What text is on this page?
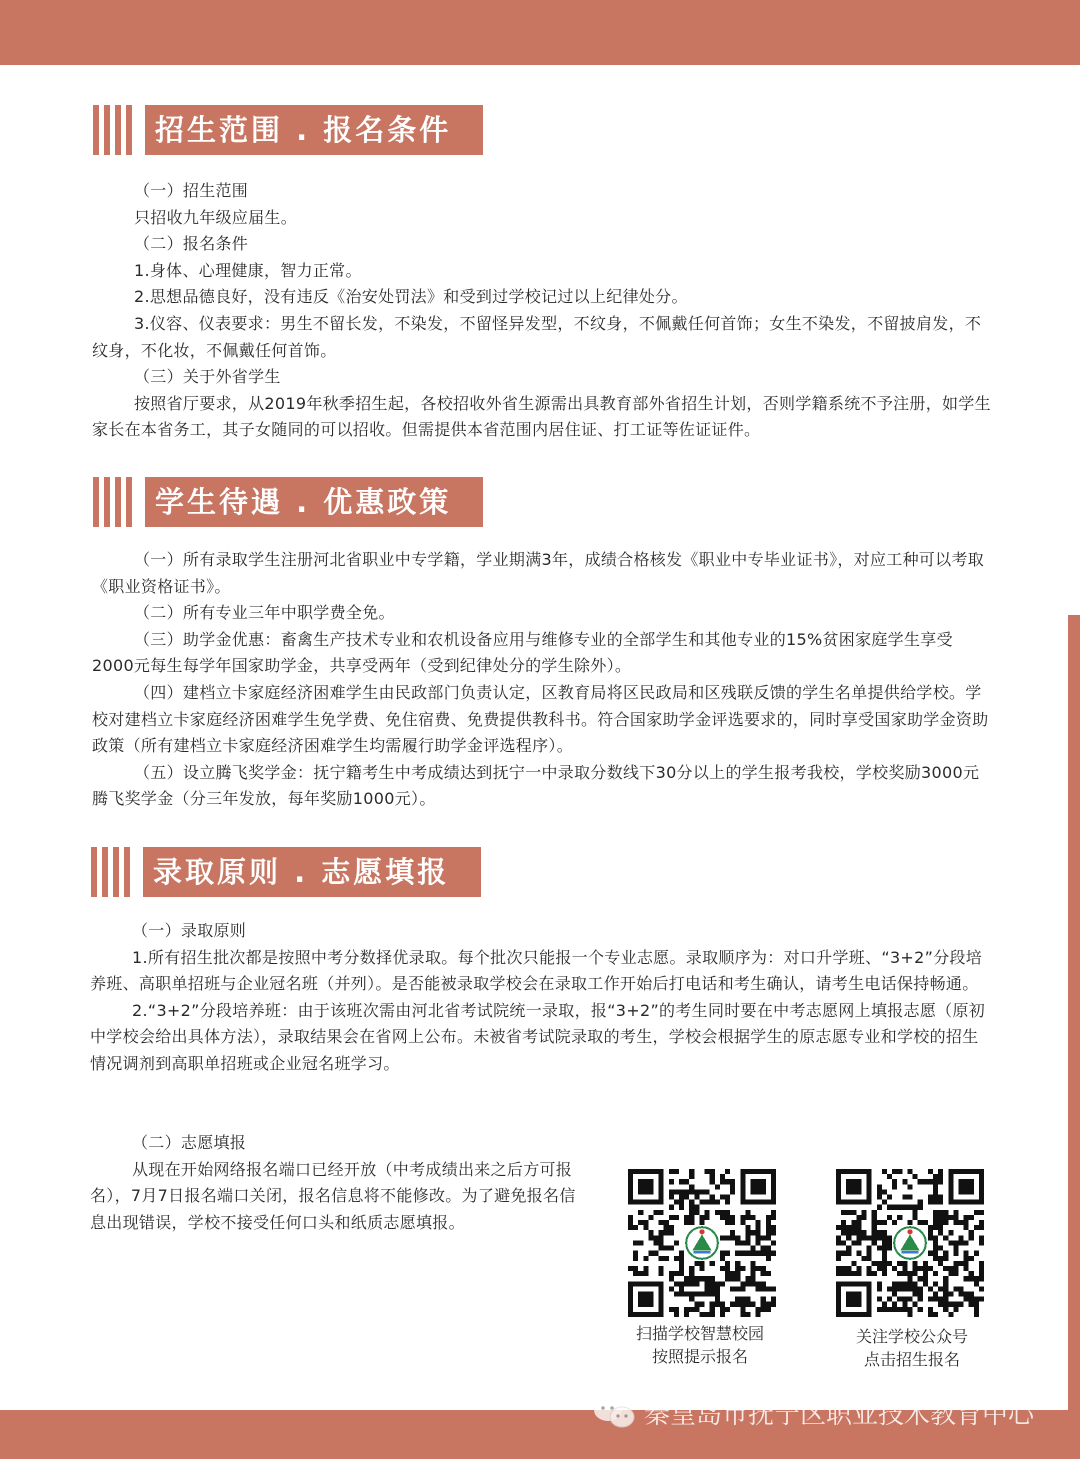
招生范围 . 报名条件

（一）招生范围

只招收九年级应届生。

（二）报名条件

1.身体、心理健康，智力正常。

2.思想品德良好，没有违反《治安处罚法》和受到过学校记过以上纪律处分。

3.仪容、仪表要求：男生不留长发，不染发，不留怪异发型，不纹身，不佩戴任何首饰；女生不染发，不留披肩发，不纹身，不化妆，不佩戴任何首饰。

（三）关于外省学生

按照省厅要求，从2019年秋季招生起，各校招收外省生源需出具教育部外省招生计划，否则学籍系统不予注册，如学生家长在本省务工，其子女随同的可以招收。但需提供本省范围内居住证、打工证等佐证证件。

学生待遇 . 优惠政策

（一）所有录取学生注册河北省职业中专学籍，学业期满3年，成绩合格核发《职业中专毕业证书》，对应工种可以考取《职业资格证书》。

（二）所有专业三年中职学费全免。

（三）助学金优惠：畜禽生产技术专业和农机设备应用与维修专业的全部学生和其他专业的15%贫困家庭学生享受2000元每生每学年国家助学金，共享受两年（受到纪律处分的学生除外）。

（四）建档立卡家庭经济困难学生由民政部门负责认定，区教育局将区民政局和区残联反馈的学生名单提供给学校。学校对建档立卡家庭经济困难学生免学费、免住宿费、免费提供教科书。符合国家助学金评选要求的，同时享受国家助学金资助政策（所有建档立卡家庭经济困难学生均需履行助学金评选程序）。

（五）设立腾飞奖学金：抚宁籍考生中考成绩达到抚宁一中录取分数线下30分以上的学生报考我校，学校奖励3000元腾飞奖学金（分三年发放，每年奖励1000元）。

录取原则 . 志愿填报

（一）录取原则

1.所有招生批次都是按照中考分数择优录取。每个批次只能报一个专业志愿。录取顺序为：对口升学班、“3+2”分段培养班、高职单招班与企业冠名班（并列）。是否能被录取学校会在录取工作开始后打电话和考生确认，请考生电话保持畅通。

2.“3+2”分段培养班：由于该班次需由河北省考试院统一录取，报“3+2”的考生同时要在中考志愿网上填报志愿（原初中学校会给出具体方法），录取结果会在省网上公布。未被省考试院录取的考生，学校会根据学生的原志愿专业和学校的招生情况调剂到高职单招班或企业冠名班学习。

（二）志愿填报

从现在开始网络报名端口已经开放（中考成绩出来之后方可报名），7月7日报名端口关闭，报名信息将不能修改。为了避免报名信息出现错误，学校不接受任何口头和纸质志愿填报。

扫描学校智慧校园
按照提示报名
关注学校公众号
点击招生报名
秦皇岛市抚宁区职业技术教育中心
